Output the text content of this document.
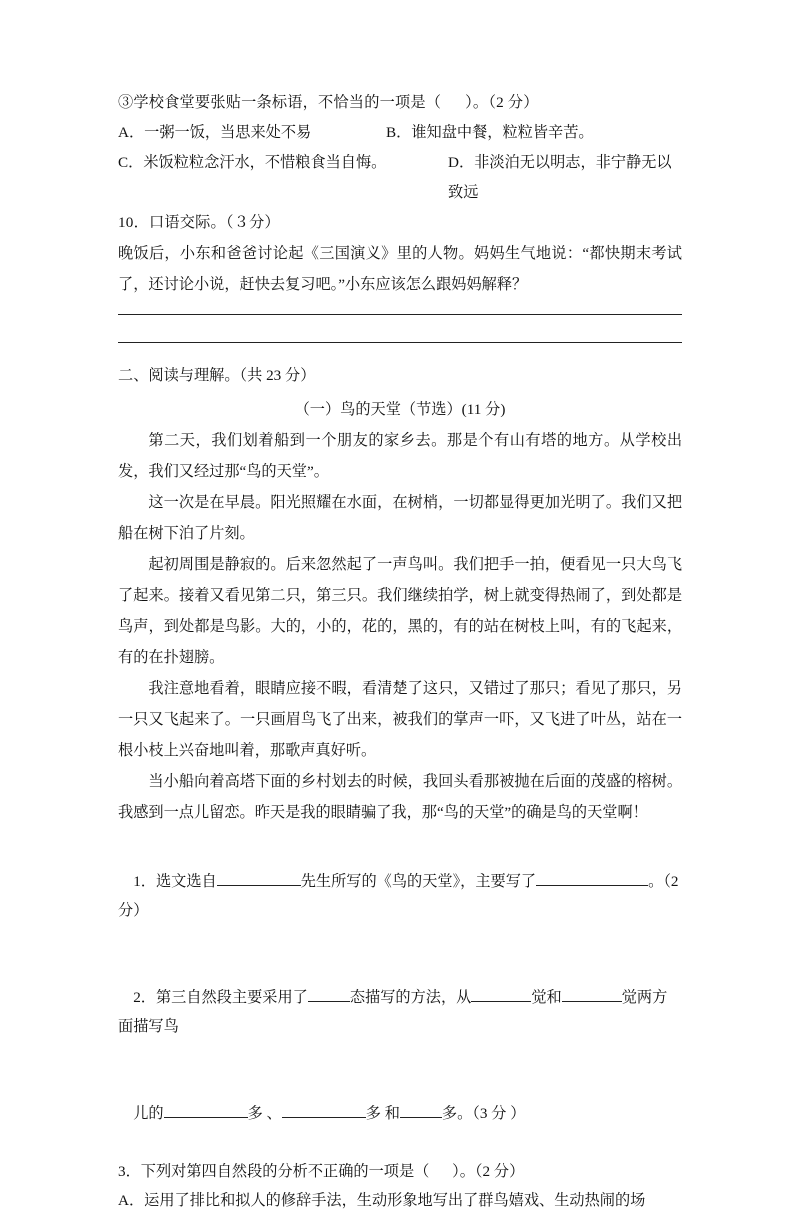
③学校食堂要张贴一条标语，不恰当的一项是（      ）。（2 分）
A．一粥一饭，当思来处不易	B．谁知盘中餐，粒粒皆辛苦。
C．米饭粒粒念汗水，不惜粮食当自悔。	D．非淡泊无以明志，非宁静无以致远
10．口语交际。（３分）

晚饭后，小东和爸爸讨论起《三国演义》里的人物。妈妈生气地说：“都快期末考试了，还讨论小说，赶快去复习吧。”小东应该怎么跟妈妈解释？

二、阅读与理解。（共 23 分）
（一）鸟的天堂（节选）(11 分)

第二天，我们划着船到一个朋友的家乡去。那是个有山有塔的地方。从学校出发，我们又经过那“鸟的天堂”。

这一次是在早晨。阳光照耀在水面，在树梢，一切都显得更加光明了。我们又把船在树下泊了片刻。

起初周围是静寂的。后来忽然起了一声鸟叫。我们把手一拍，便看见一只大鸟飞了起来。接着又看见第二只，第三只。我们继续拍学，树上就变得热闹了，到处都是鸟声，到处都是鸟影。大的，小的，花的，黑的，有的站在树枝上叫，有的飞起来，有的在扑翅膀。

我注意地看着，眼睛应接不暇，看清楚了这只，又错过了那只；看见了那只，另一只又飞起来了。一只画眉鸟飞了出来，被我们的掌声一吓，又飞进了叶丛，站在一根小枝上兴奋地叫着，那歌声真好听。

当小船向着高塔下面的乡村划去的时候，我回头看那被抛在后面的茂盛的榕树。我感到一点儿留恋。昨天是我的眼睛骗了我，那“鸟的天堂”的确是鸟的天堂啊！

1．选文选自	先生所写的《鸟的天堂》，主要写了	。（2 分）

2．第三自然段主要采用了	态描写的方法，从	觉和	觉两方面描写鸟

儿的	多 、	多 和	多。（3 分 ）

3．下列对第四自然段的分析不正确的一项是（      ）。（2 分）
A．运用了排比和拟人的修辞手法，生动形象地写出了群鸟嬉戏、生动热闹的场
